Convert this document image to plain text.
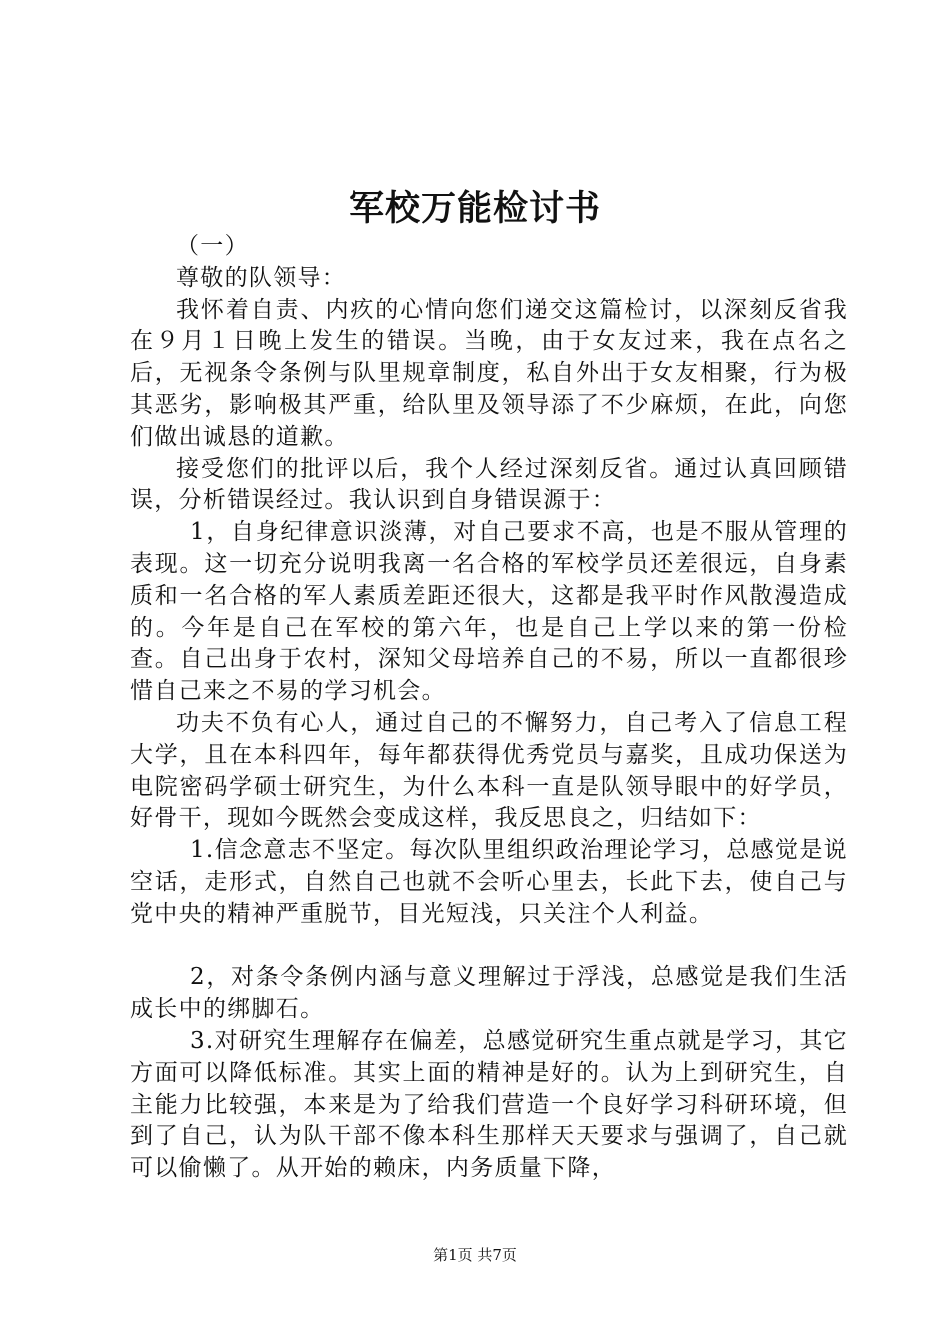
军校万能检讨书

（一）

尊敬的队领导：

我怀着自责、内疚的心情向您们递交这篇检讨，以深刻反省我在９月１日晚上发生的错误。当晚，由于女友过来，我在点名之后，无视条令条例与队里规章制度，私自外出于女友相聚，行为极其恶劣，影响极其严重，给队里及领导添了不少麻烦，在此，向您们做出诚恳的道歉。

接受您们的批评以后，我个人经过深刻反省。通过认真回顾错误，分析错误经过。我认识到自身错误源于：

1，自身纪律意识淡薄，对自己要求不高，也是不服从管理的表现。这一切充分说明我离一名合格的军校学员还差很远，自身素质和一名合格的军人素质差距还很大，这都是我平时作风散漫造成的。今年是自己在军校的第六年，也是自己上学以来的第一份检查。自己出身于农村，深知父母培养自己的不易，所以一直都很珍惜自己来之不易的学习机会。

功夫不负有心人，通过自己的不懈努力，自己考入了信息工程大学，且在本科四年，每年都获得优秀党员与嘉奖，且成功保送为电院密码学硕士研究生，为什么本科一直是队领导眼中的好学员，好骨干，现如今既然会变成这样，我反思良之，归结如下：

1.信念意志不坚定。每次队里组织政治理论学习，总感觉是说空话，走形式，自然自己也就不会听心里去，长此下去，使自己与党中央的精神严重脱节，目光短浅，只关注个人利益。

2，对条令条例内涵与意义理解过于浮浅，总感觉是我们生活成长中的绑脚石。

3.对研究生理解存在偏差，总感觉研究生重点就是学习，其它方面可以降低标准。其实上面的精神是好的。认为上到研究生，自主能力比较强，本来是为了给我们营造一个良好学习科研环境，但到了自己，认为队干部不像本科生那样天天要求与强调了，自己就可以偷懒了。从开始的赖床，内务质量下降，

第1页 共7页
